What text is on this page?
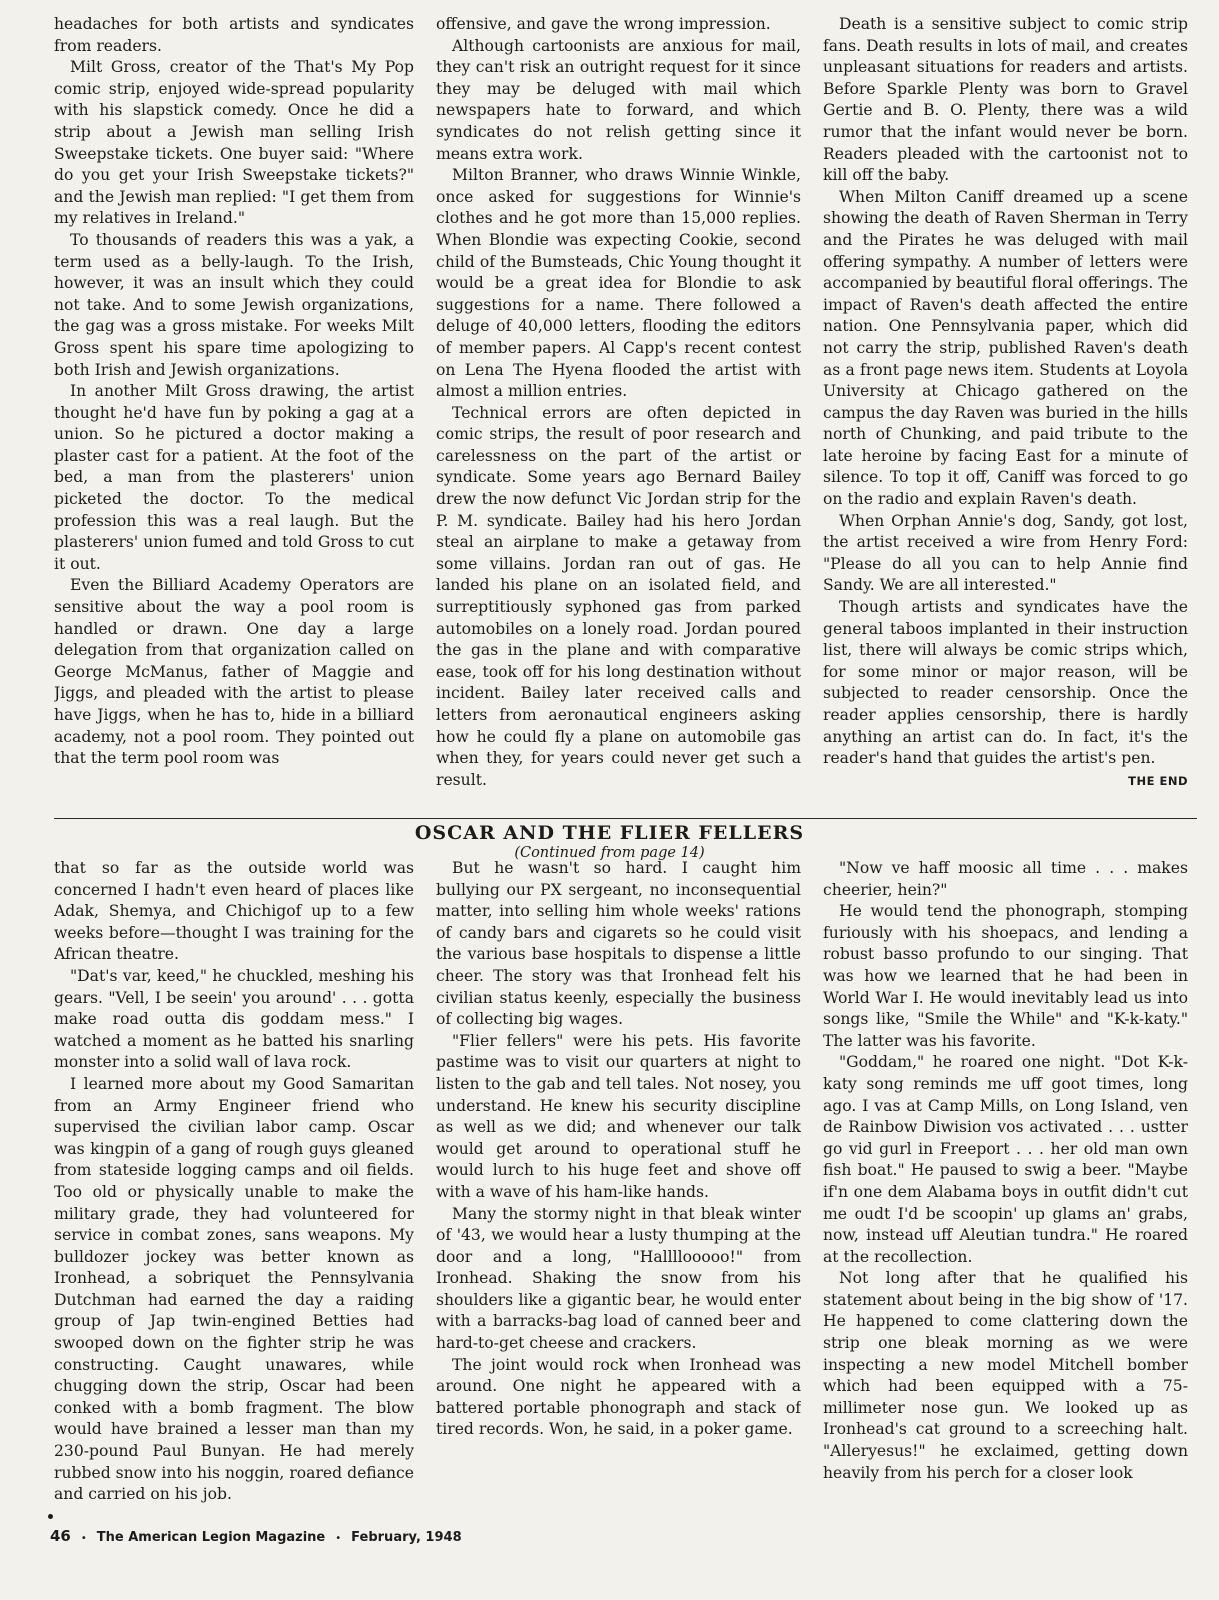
headaches for both artists and syndicates from readers.

Milt Gross, creator of the That's My Pop comic strip, enjoyed wide-spread popularity with his slapstick comedy. Once he did a strip about a Jewish man selling Irish Sweepstake tickets. One buyer said: "Where do you get your Irish Sweepstake tickets?" and the Jewish man replied: "I get them from my relatives in Ireland."

To thousands of readers this was a yak, a term used as a belly-laugh. To the Irish, however, it was an insult which they could not take. And to some Jewish organizations, the gag was a gross mistake. For weeks Milt Gross spent his spare time apologizing to both Irish and Jewish organizations.

In another Milt Gross drawing, the artist thought he'd have fun by poking a gag at a union. So he pictured a doctor making a plaster cast for a patient. At the foot of the bed, a man from the plasterers' union picketed the doctor. To the medical profession this was a real laugh. But the plasterers' union fumed and told Gross to cut it out.

Even the Billiard Academy Operators are sensitive about the way a pool room is handled or drawn. One day a large delegation from that organization called on George McManus, father of Maggie and Jiggs, and pleaded with the artist to please have Jiggs, when he has to, hide in a billiard academy, not a pool room. They pointed out that the term pool room was

offensive, and gave the wrong impression.

Although cartoonists are anxious for mail, they can't risk an outright request for it since they may be deluged with mail which newspapers hate to forward, and which syndicates do not relish getting since it means extra work.

Milton Branner, who draws Winnie Winkle, once asked for suggestions for Winnie's clothes and he got more than 15,000 replies. When Blondie was expecting Cookie, second child of the Bumsteads, Chic Young thought it would be a great idea for Blondie to ask suggestions for a name. There followed a deluge of 40,000 letters, flooding the editors of member papers. Al Capp's recent contest on Lena The Hyena flooded the artist with almost a million entries.

Technical errors are often depicted in comic strips, the result of poor research and carelessness on the part of the artist or syndicate. Some years ago Bernard Bailey drew the now defunct Vic Jordan strip for the P. M. syndicate. Bailey had his hero Jordan steal an airplane to make a getaway from some villains. Jordan ran out of gas. He landed his plane on an isolated field, and surreptitiously syphoned gas from parked automobiles on a lonely road. Jordan poured the gas in the plane and with comparative ease, took off for his long destination without incident. Bailey later received calls and letters from aeronautical engineers asking how he could fly a plane on automobile gas when they, for years could never get such a result.

Death is a sensitive subject to comic strip fans. Death results in lots of mail, and creates unpleasant situations for readers and artists. Before Sparkle Plenty was born to Gravel Gertie and B. O. Plenty, there was a wild rumor that the infant would never be born. Readers pleaded with the cartoonist not to kill off the baby.

When Milton Caniff dreamed up a scene showing the death of Raven Sherman in Terry and the Pirates he was deluged with mail offering sympathy. A number of letters were accompanied by beautiful floral offerings. The impact of Raven's death affected the entire nation. One Pennsylvania paper, which did not carry the strip, published Raven's death as a front page news item. Students at Loyola University at Chicago gathered on the campus the day Raven was buried in the hills north of Chunking, and paid tribute to the late heroine by facing East for a minute of silence. To top it off, Caniff was forced to go on the radio and explain Raven's death.

When Orphan Annie's dog, Sandy, got lost, the artist received a wire from Henry Ford: "Please do all you can to help Annie find Sandy. We are all interested."

Though artists and syndicates have the general taboos implanted in their instruction list, there will always be comic strips which, for some minor or major reason, will be subjected to reader censorship. Once the reader applies censorship, there is hardly anything an artist can do. In fact, it's the reader's hand that guides the artist's pen.

THE END
OSCAR AND THE FLIER FELLERS
(Continued from page 14)

that so far as the outside world was concerned I hadn't even heard of places like Adak, Shemya, and Chichigof up to a few weeks before—thought I was training for the African theatre.

"Dat's var, keed," he chuckled, meshing his gears. "Vell, I be seein' you around' . . . gotta make road outta dis goddam mess." I watched a moment as he batted his snarling monster into a solid wall of lava rock.

I learned more about my Good Samaritan from an Army Engineer friend who supervised the civilian labor camp. Oscar was kingpin of a gang of rough guys gleaned from stateside logging camps and oil fields. Too old or physically unable to make the military grade, they had volunteered for service in combat zones, sans weapons. My bulldozer jockey was better known as Ironhead, a sobriquet the Pennsylvania Dutchman had earned the day a raiding group of Jap twin-engined Betties had swooped down on the fighter strip he was constructing. Caught unawares, while chugging down the strip, Oscar had been conked with a bomb fragment. The blow would have brained a lesser man than my 230-pound Paul Bunyan. He had merely rubbed snow into his noggin, roared defiance and carried on his job.

But he wasn't so hard. I caught him bullying our PX sergeant, no inconsequential matter, into selling him whole weeks' rations of candy bars and cigarets so he could visit the various base hospitals to dispense a little cheer. The story was that Ironhead felt his civilian status keenly, especially the business of collecting big wages.

"Flier fellers" were his pets. His favorite pastime was to visit our quarters at night to listen to the gab and tell tales. Not nosey, you understand. He knew his security discipline as well as we did; and whenever our talk would get around to operational stuff he would lurch to his huge feet and shove off with a wave of his ham-like hands.

Many the stormy night in that bleak winter of '43, we would hear a lusty thumping at the door and a long, "Hallllooooo!" from Ironhead. Shaking the snow from his shoulders like a gigantic bear, he would enter with a barracks-bag load of canned beer and hard-to-get cheese and crackers.

The joint would rock when Ironhead was around. One night he appeared with a battered portable phonograph and stack of tired records. Won, he said, in a poker game.

"Now ve haff moosic all time . . . makes cheerier, hein?"

He would tend the phonograph, stomping furiously with his shoepacs, and lending a robust basso profundo to our singing. That was how we learned that he had been in World War I. He would inevitably lead us into songs like, "Smile the While" and "K-k-katy." The latter was his favorite.

"Goddam," he roared one night. "Dot K-k-katy song reminds me uff goot times, long ago. I vas at Camp Mills, on Long Island, ven de Rainbow Diwision vos activated . . . ustter go vid gurl in Freeport . . . her old man own fish boat." He paused to swig a beer. "Maybe if'n one dem Alabama boys in outfit didn't cut me oudt I'd be scoopin' up glams an' grabs, now, instead uff Aleutian tundra." He roared at the recollection.

Not long after that he qualified his statement about being in the big show of '17. He happened to come clattering down the strip one bleak morning as we were inspecting a new model Mitchell bomber which had been equipped with a 75-millimeter nose gun. We looked up as Ironhead's cat ground to a screeching halt. "Alleryesus!" he exclaimed, getting down heavily from his perch for a closer look

46 • The American Legion Magazine • February, 1948
